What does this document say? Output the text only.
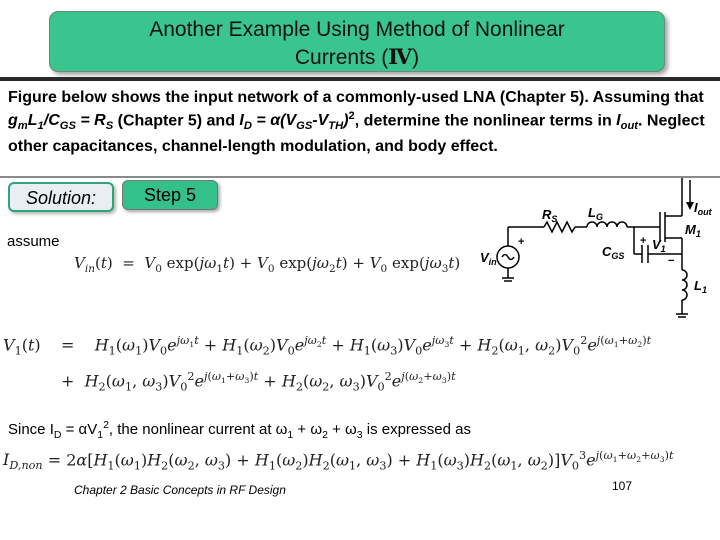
Another Example Using Method of Nonlinear
Currents (Ⅳ)
Figure below shows the input network of a commonly-used LNA (Chapter 5). Assuming that $g_mL_1/C_{GS} = R_S$ (Chapter 5) and $I_D = \alpha(V_{GS}-V_{TH})^2$, determine the nonlinear terms in $I_{out}$. Neglect other capacitances, channel-length modulation, and body effect.
Solution:	Step 5
assume
$V_{in}(t) = V_0$ $\exp(j\omega_1t) + V_0$ $\exp(j\omega_2t) + V_0$ $\exp(j\omega_3t)$
$V_1(t)$    =    $H_1(\omega_1)V_0e^{j\omega_1t} + H_1(\omega_2)V_0e^{j\omega_2t} + H_1(\omega_3)V_0e^{j\omega_3t} + H_2(\omega_1$, $\omega_2)V_0^2e^{j(\omega_1+\omega_2)t}$
+  $H_2(\omega_1$, $\omega_3)V_0^2e^{j(\omega_1+\omega_3)t} + H_2(\omega_2$, $\omega_3)V_0^2e^{j(\omega_2+\omega_3)t}$
Since $I_D = \alpha V_1^2$, the nonlinear current at $\omega_1 + \omega_2 + \omega_3$ is expressed as
$I_{D,non} = 2\alpha[H_1(\omega_1)H_2(\omega_2$, $\omega_3) + H_1(\omega_2)H_2(\omega_1$, $\omega_3) + H_1(\omega_3)H_2(\omega_1$, $\omega_2)]V_0^3e^{j(\omega_1+\omega_2+\omega_3)t}$
$R_S$ $L_G$
$C_{GS}$
$V_1$
$V_{in}$
$M_1$
$L_1$
$I_{out}$
+	+
−
Chapter 2 Basic Concepts in RF Design	107
